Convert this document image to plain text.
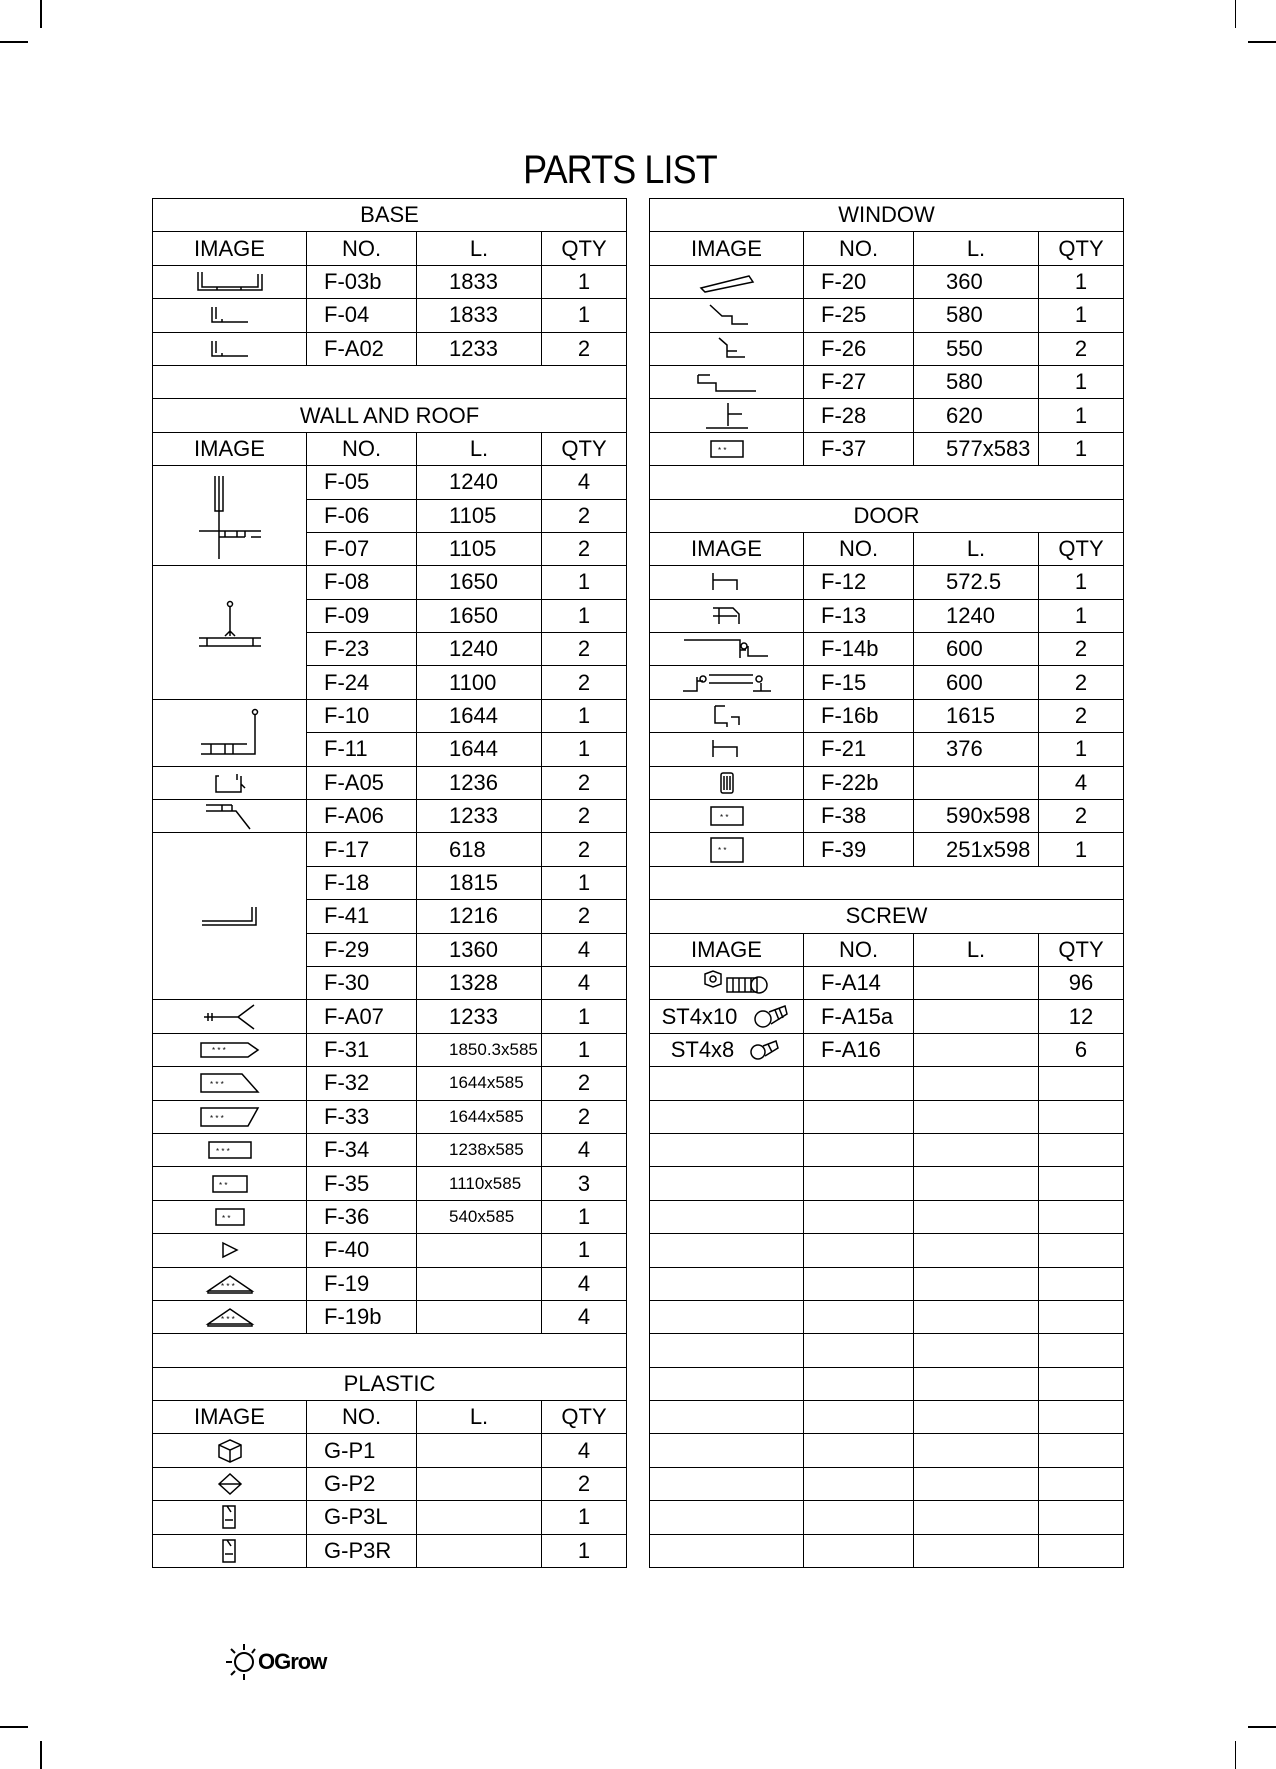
PARTS LIST
BASE			
IMAGE	NO.	L.	QTY

	F-03b	1833	1

	F-04	1833	1

	F-A02	1233	2

WALL AND ROOF			
IMAGE	NO.	L.	QTY

	F-05	1240	4
	F-06	1105	2
	F-07	1105	2

	F-08	1650	1
	F-09	1650	1
	F-23	1240	2
	F-24	1100	2

	F-10	1644	1
	F-11	1644	1

	F-A05	1236	2

	F-A06	1233	2

	F-17	618	2
	F-18	1815	1
	F-41	1216	2
	F-29	1360	4
	F-30	1328	4

	F-A07	1233	1

* * *	F-31	1850.3x585	1

* * *	F-32	1644x585	2

* * *	F-33	1644x585	2

* * *	F-34	1238x585	4

* *	F-35	1110x585	3

* *	F-36	540x585	1

	F-40		1

* * *	F-19		4

* * *	F-19b		4

PLASTIC			
IMAGE	NO.	L.	QTY

	G-P1		4

	G-P2		2

	G-P3L		1

	G-P3R		1
WINDOW			
IMAGE	NO.	L.	QTY

	F-20	360	1

	F-25	580	1

	F-26	550	2

	F-27	580	1

	F-28	620	1

* *	F-37	577x583	1

DOOR			
IMAGE	NO.	L.	QTY

	F-12	572.5	1

	F-13	1240	1

	F-14b	600	2

	F-15	600	2

	F-16b	1615	2

	F-21	376	1

	F-22b		4

* *	F-38	590x598	2

* *	F-39	251x598	1

SCREW			
IMAGE	NO.	L.	QTY

	F-A14		96

ST4x10	F-A15a		12

ST4x8	F-A16		6

OGrow
